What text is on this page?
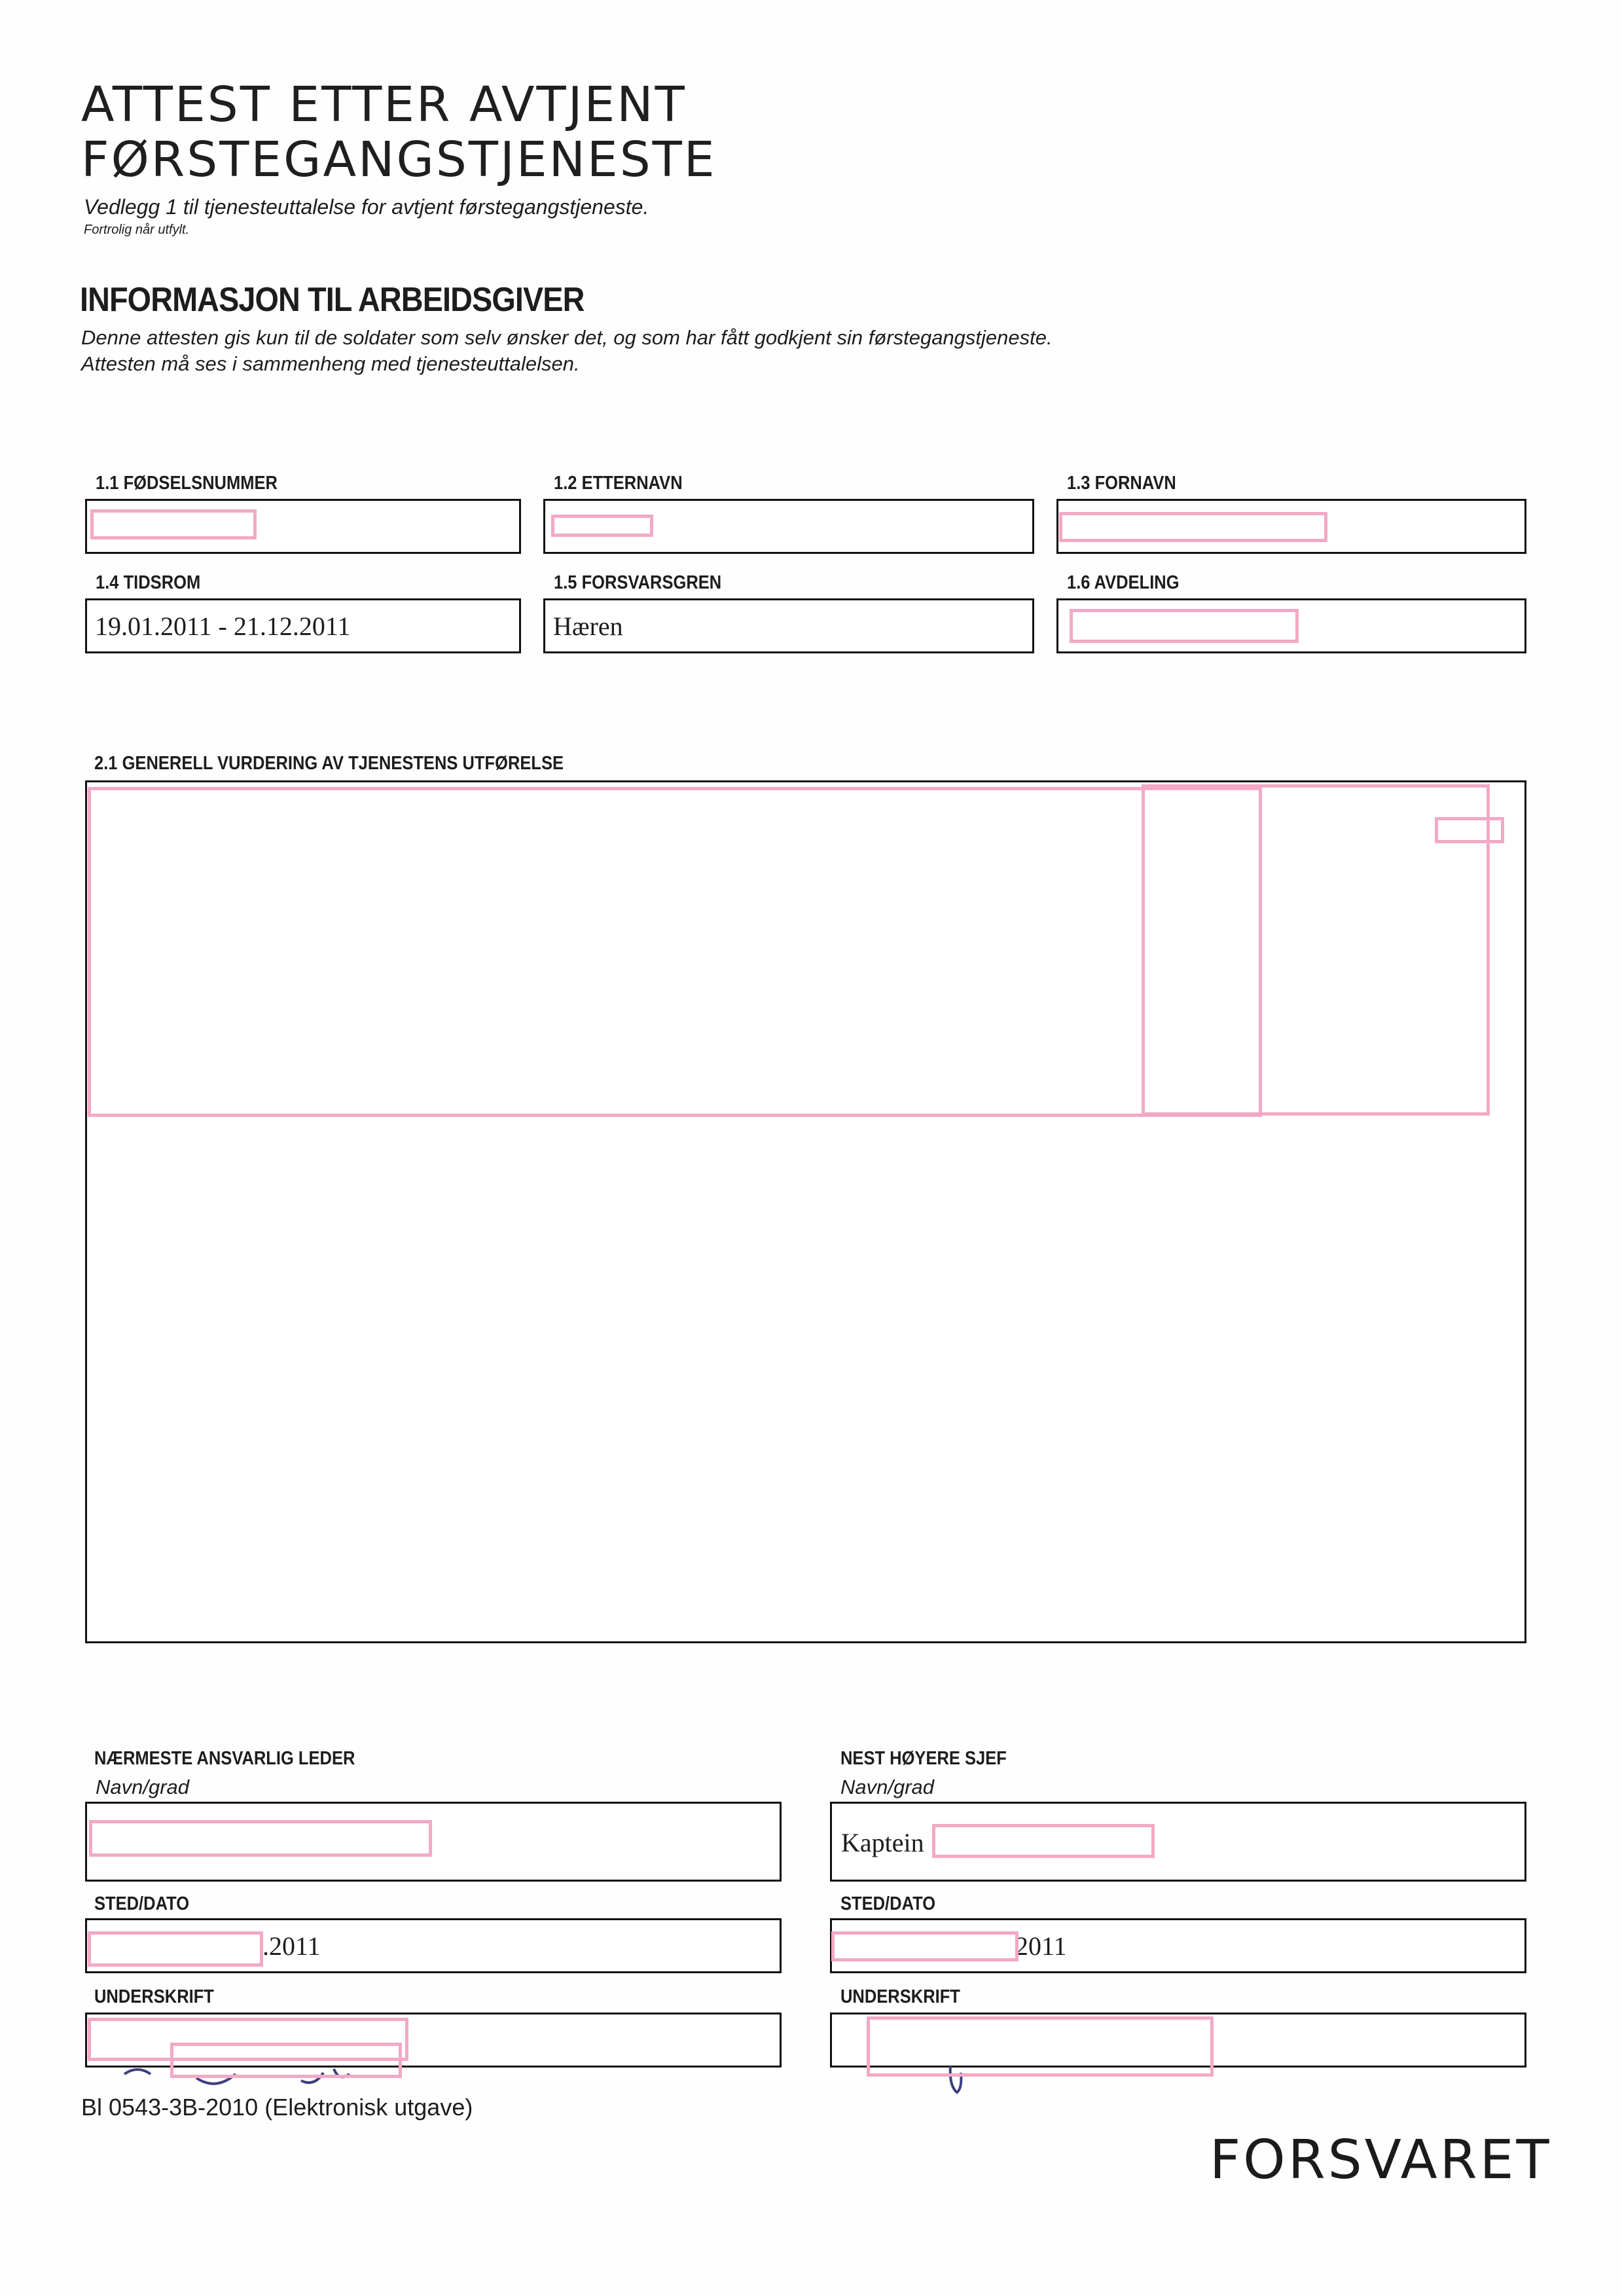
ATTEST ETTER AVTJENT
FØRSTEGANGSTJENESTE
Vedlegg 1 til tjenesteuttalelse for avtjent førstegangstjeneste.
Fortrolig når utfylt.
INFORMASJON TIL ARBEIDSGIVER
Denne attesten gis kun til de soldater som selv ønsker det, og som har fått godkjent sin førstegangstjeneste.
Attesten må ses i sammenheng med tjenesteuttalelsen.
1.1 FØDSELSNUMMER	1.2 ETTERNAVN	1.3 FORNAVN
1.4 TIDSROM
19.01.2011 - 21.12.2011
1.5 FORSVARSGREN
Hæren
1.6 AVDELING
2.1 GENERELL VURDERING AV TJENESTENS UTFØRELSE
NÆRMESTE ANSVARLIG LEDER
Navn/grad
STED/DATO
.2011
UNDERSKRIFT
NEST HØYERE SJEF
Navn/grad
Kaptein
STED/DATO
2011
UNDERSKRIFT
Bl 0543-3B-2010 (Elektronisk utgave)
FORSVARET
